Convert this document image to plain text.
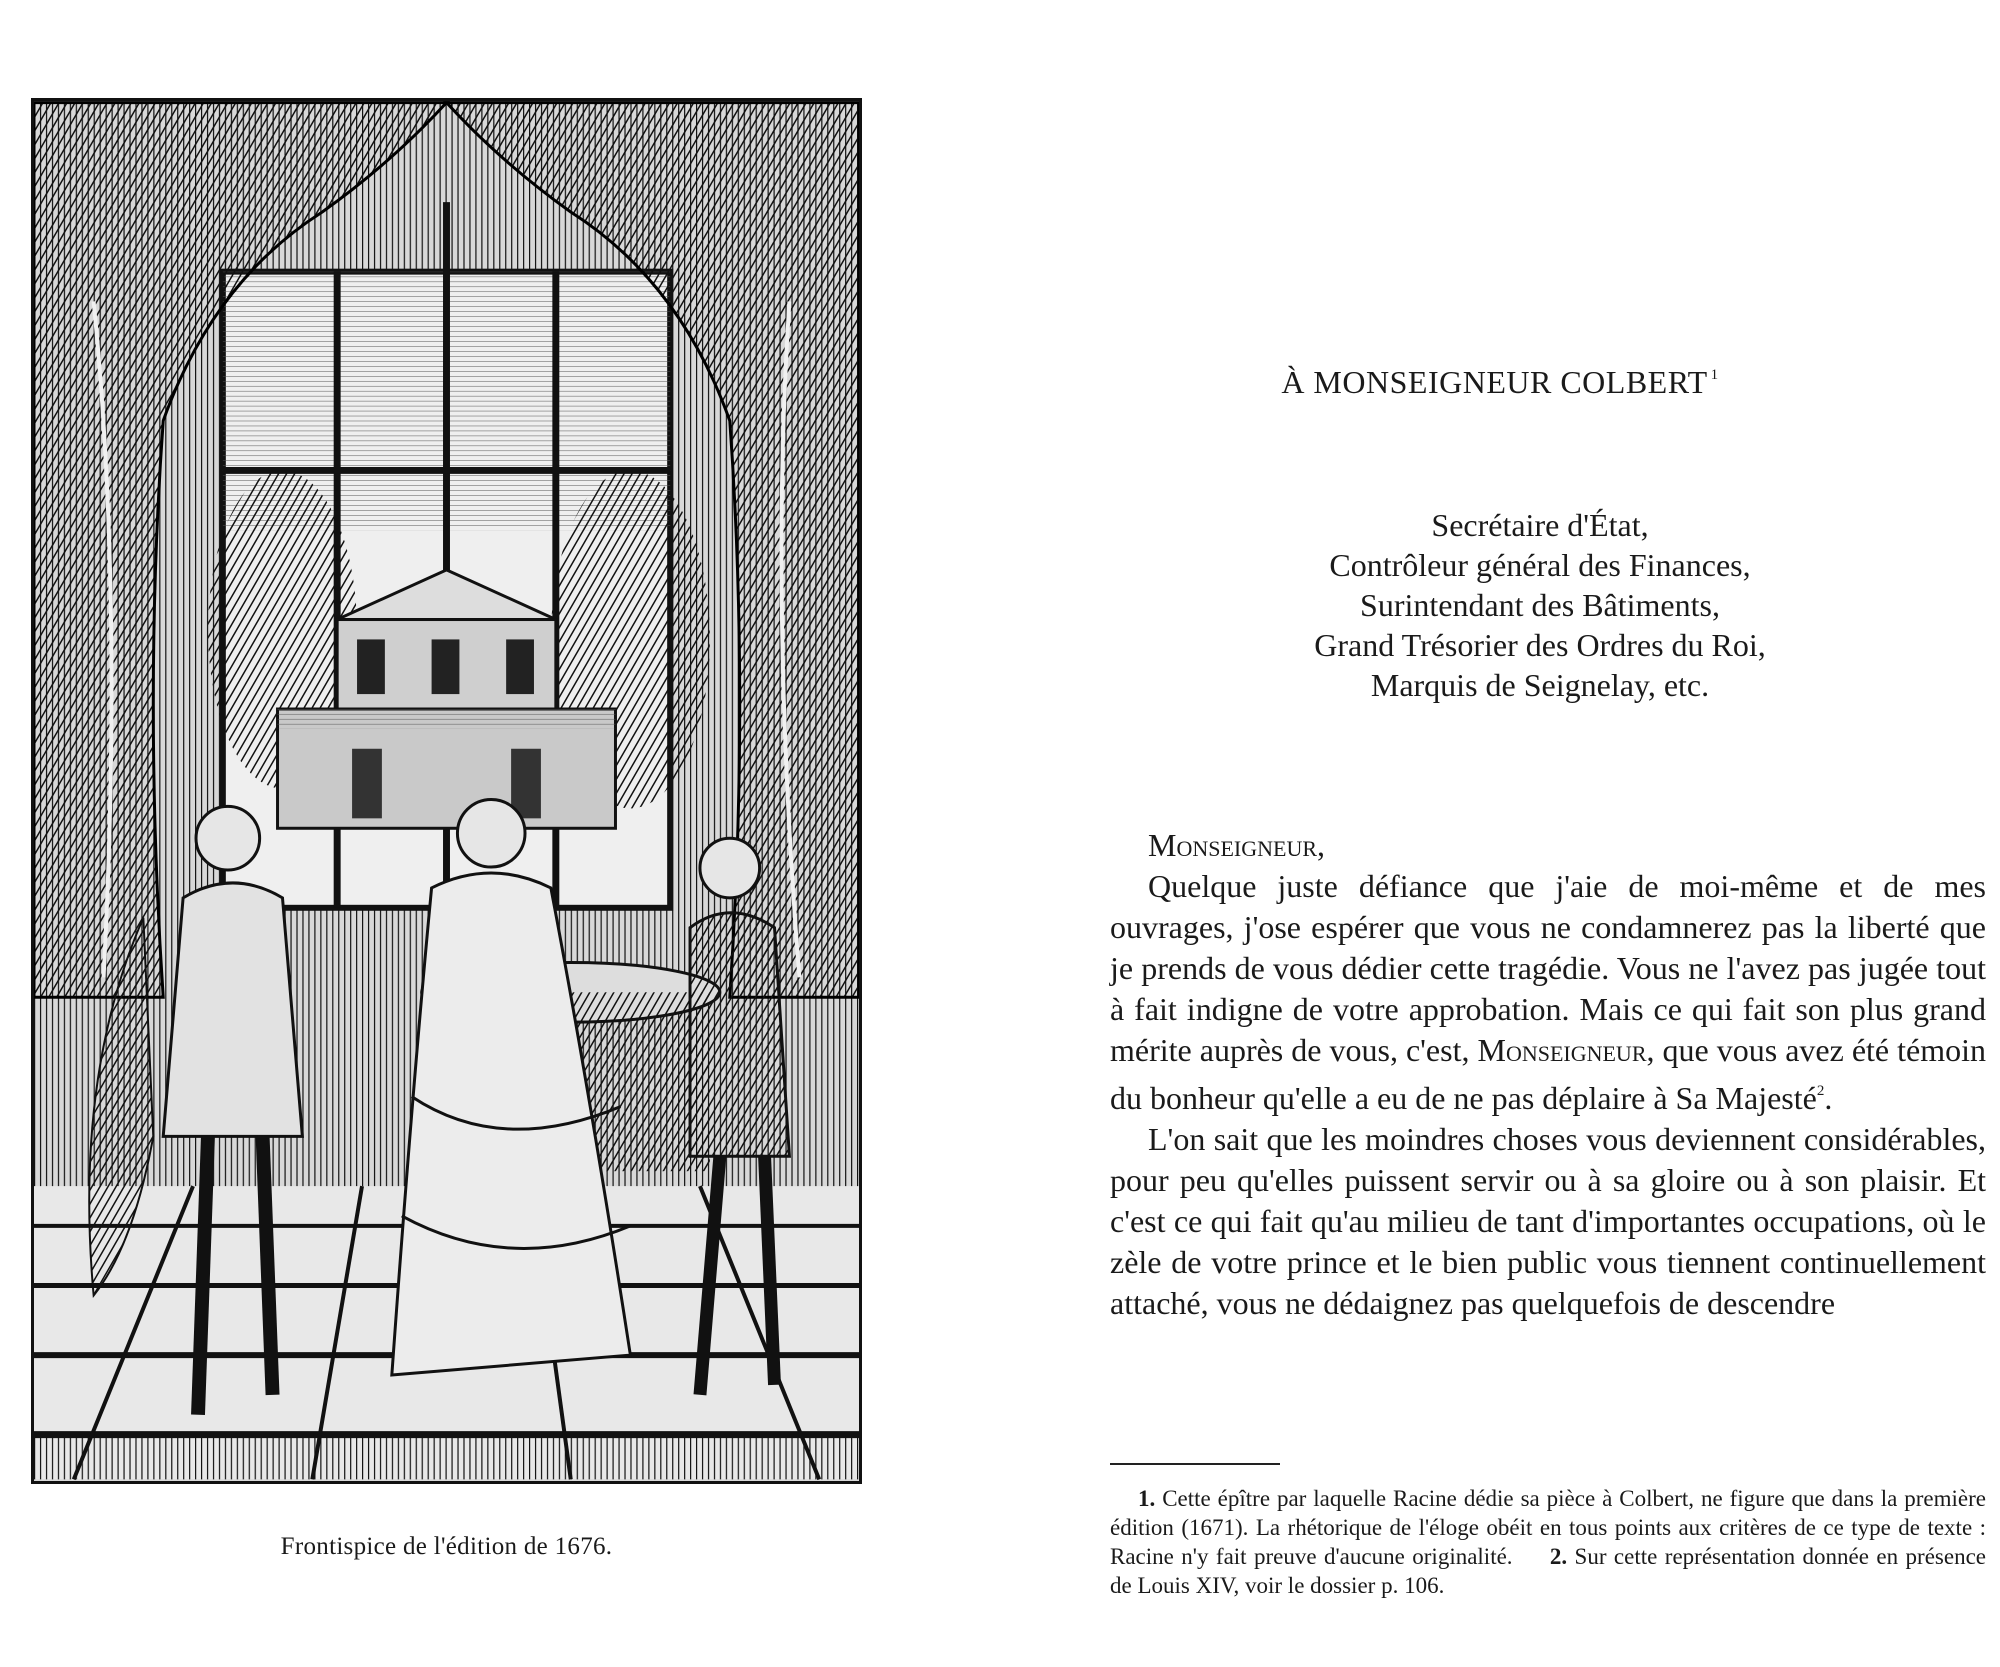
Frontispice de l'édition de 1676.
À MONSEIGNEUR COLBERT $^1$
Secrétaire d'État,
Contrôleur général des Finances,
Surintendant des Bâtiments,
Grand Trésorier des Ordres du Roi,
Marquis de Seignelay, etc.

Monseigneur,

Quelque juste défiance que j'aie de moi-même et de mes ouvrages, j'ose espérer que vous ne condamnerez pas la liberté que je prends de vous dédier cette tragédie. Vous ne l'avez pas jugée tout à fait indigne de votre approbation. Mais ce qui fait son plus grand mérite auprès de vous, c'est, Monseigneur, que vous avez été témoin du bonheur qu'elle a eu de ne pas déplaire à Sa Majesté$^2$.

L'on sait que les moindres choses vous deviennent considérables, pour peu qu'elles puissent servir ou à sa gloire ou à son plaisir. Et c'est ce qui fait qu'au milieu de tant d'importantes occupations, où le zèle de votre prince et le bien public vous tiennent continuellement attaché, vous ne dédaignez pas quelquefois de descendre

1. Cette épître par laquelle Racine dédie sa pièce à Colbert, ne figure que dans la première édition (1671). La rhétorique de l'éloge obéit en tous points aux critères de ce type de texte : Racine n'y fait preuve d'aucune originalité. 2. Sur cette représentation donnée en présence de Louis XIV, voir le dossier p. 106.
